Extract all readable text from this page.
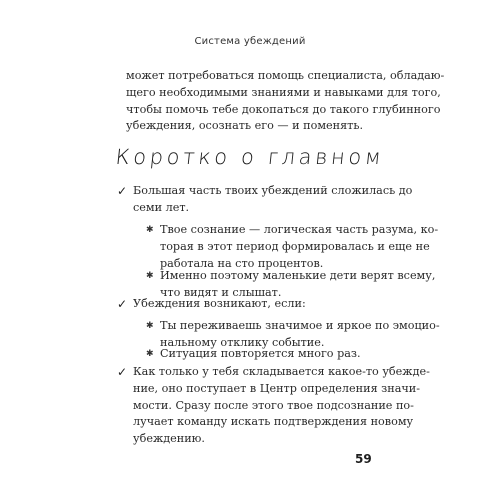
Система убеждений
может потребоваться помощь специалиста, обладаю-
щего необходимыми знаниями и навыками для того,
чтобы помочь тебе докопаться до такого глубинного
убеждения, осознать его — и поменять.
Коротко о главном
✓ Большая часть твоих убеждений сложилась до
семи лет.
✱ Твое сознание — логическая часть разума, ко-
торая в этот период формировалась и еще не
работала на сто процентов.
✱ Именно поэтому маленькие дети верят всему,
что видят и слышат.
✓ Убеждения возникают, если:
✱ Ты переживаешь значимое и яркое по эмоцио-
нальному отклику событие.
✱ Ситуация повторяется много раз.
✓ Как только у тебя складывается какое-то убежде-
ние, оно поступает в Центр определения значи-
мости. Сразу после этого твое подсознание по-
лучает команду искать подтверждения новому
убеждению.
59
